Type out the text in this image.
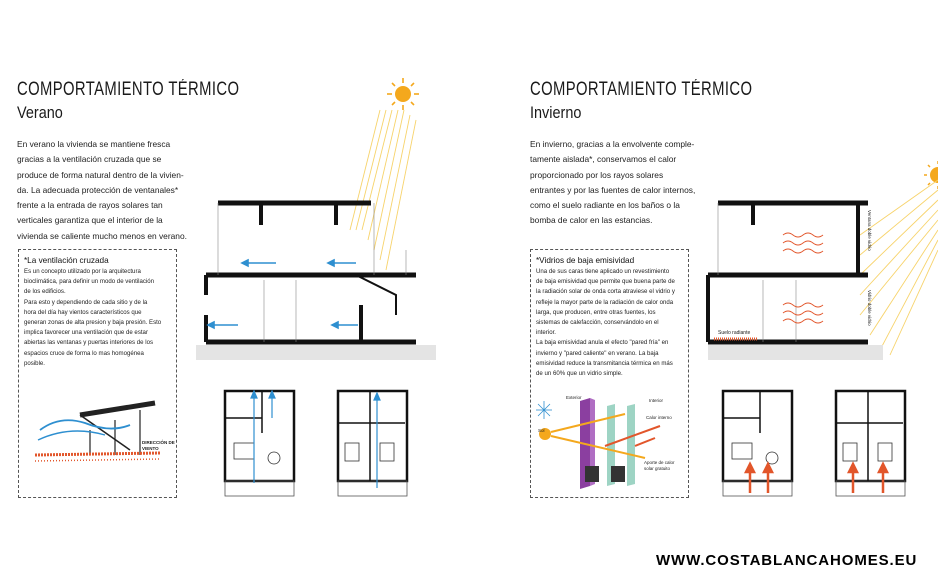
COMPORTAMIENTO TÉRMICO
Verano
En verano la vivienda se mantiene fresca
gracias a la ventilación cruzada que se
produce de forma natural dentro de la vivien-
da. La adecuada protección de ventanales*
frente a la entrada de rayos solares tan
verticales garantiza que el interior de la
vivienda se caliente mucho menos en verano.
*La ventilación cruzada
Es un concepto utilizado por la arquitectura
bioclimática, para definir un modo de ventilación
de los edificios.
Para esto y dependiendo de cada sitio y de la
hora del día hay vientos característicos que
generan zonas de alta presion y baja presión. Esto
implica favorecer una ventilación que de estar
abiertas las ventanas y puertas interiores de los
espacios cruce de forma lo mas homogénea
posible.
DIRECCIÓN DE
VIENTO
COMPORTAMIENTO TÉRMICO
Invierno
En invierno, gracias a la envolvente comple-
tamente aislada*, conservamos el calor
proporcionado por los rayos solares
entrantes y por las fuentes de calor internos,
como el suelo radiante en los baños o la
bomba de calor en las estancias.
*Vidrios de baja emisividad
Una de sus caras tiene aplicado un revestimiento
de baja emisividad que permite que buena parte de
la radiación solar de onda corta atraviese el vidrio y
refleje la mayor parte de la radiación de calor onda
larga, que producen, entre otras fuentes, los
sistemas de calefacción, conservándolo en el
interior.
La baja emisividad anula el efecto "pared fría" en
invierno y "pared caliente" en verano. La baja
emisividad reduce la transmitancia térmica en más
de un 60% que un vidrio simple.
Exterior
Interior
Sol
Calor interno
Aporte de calor
solar gratuito
Suelo radiante
Ventana doble vidrio
Vidrio doble vidrio
WWW.COSTABLANCAHOMES.EU
